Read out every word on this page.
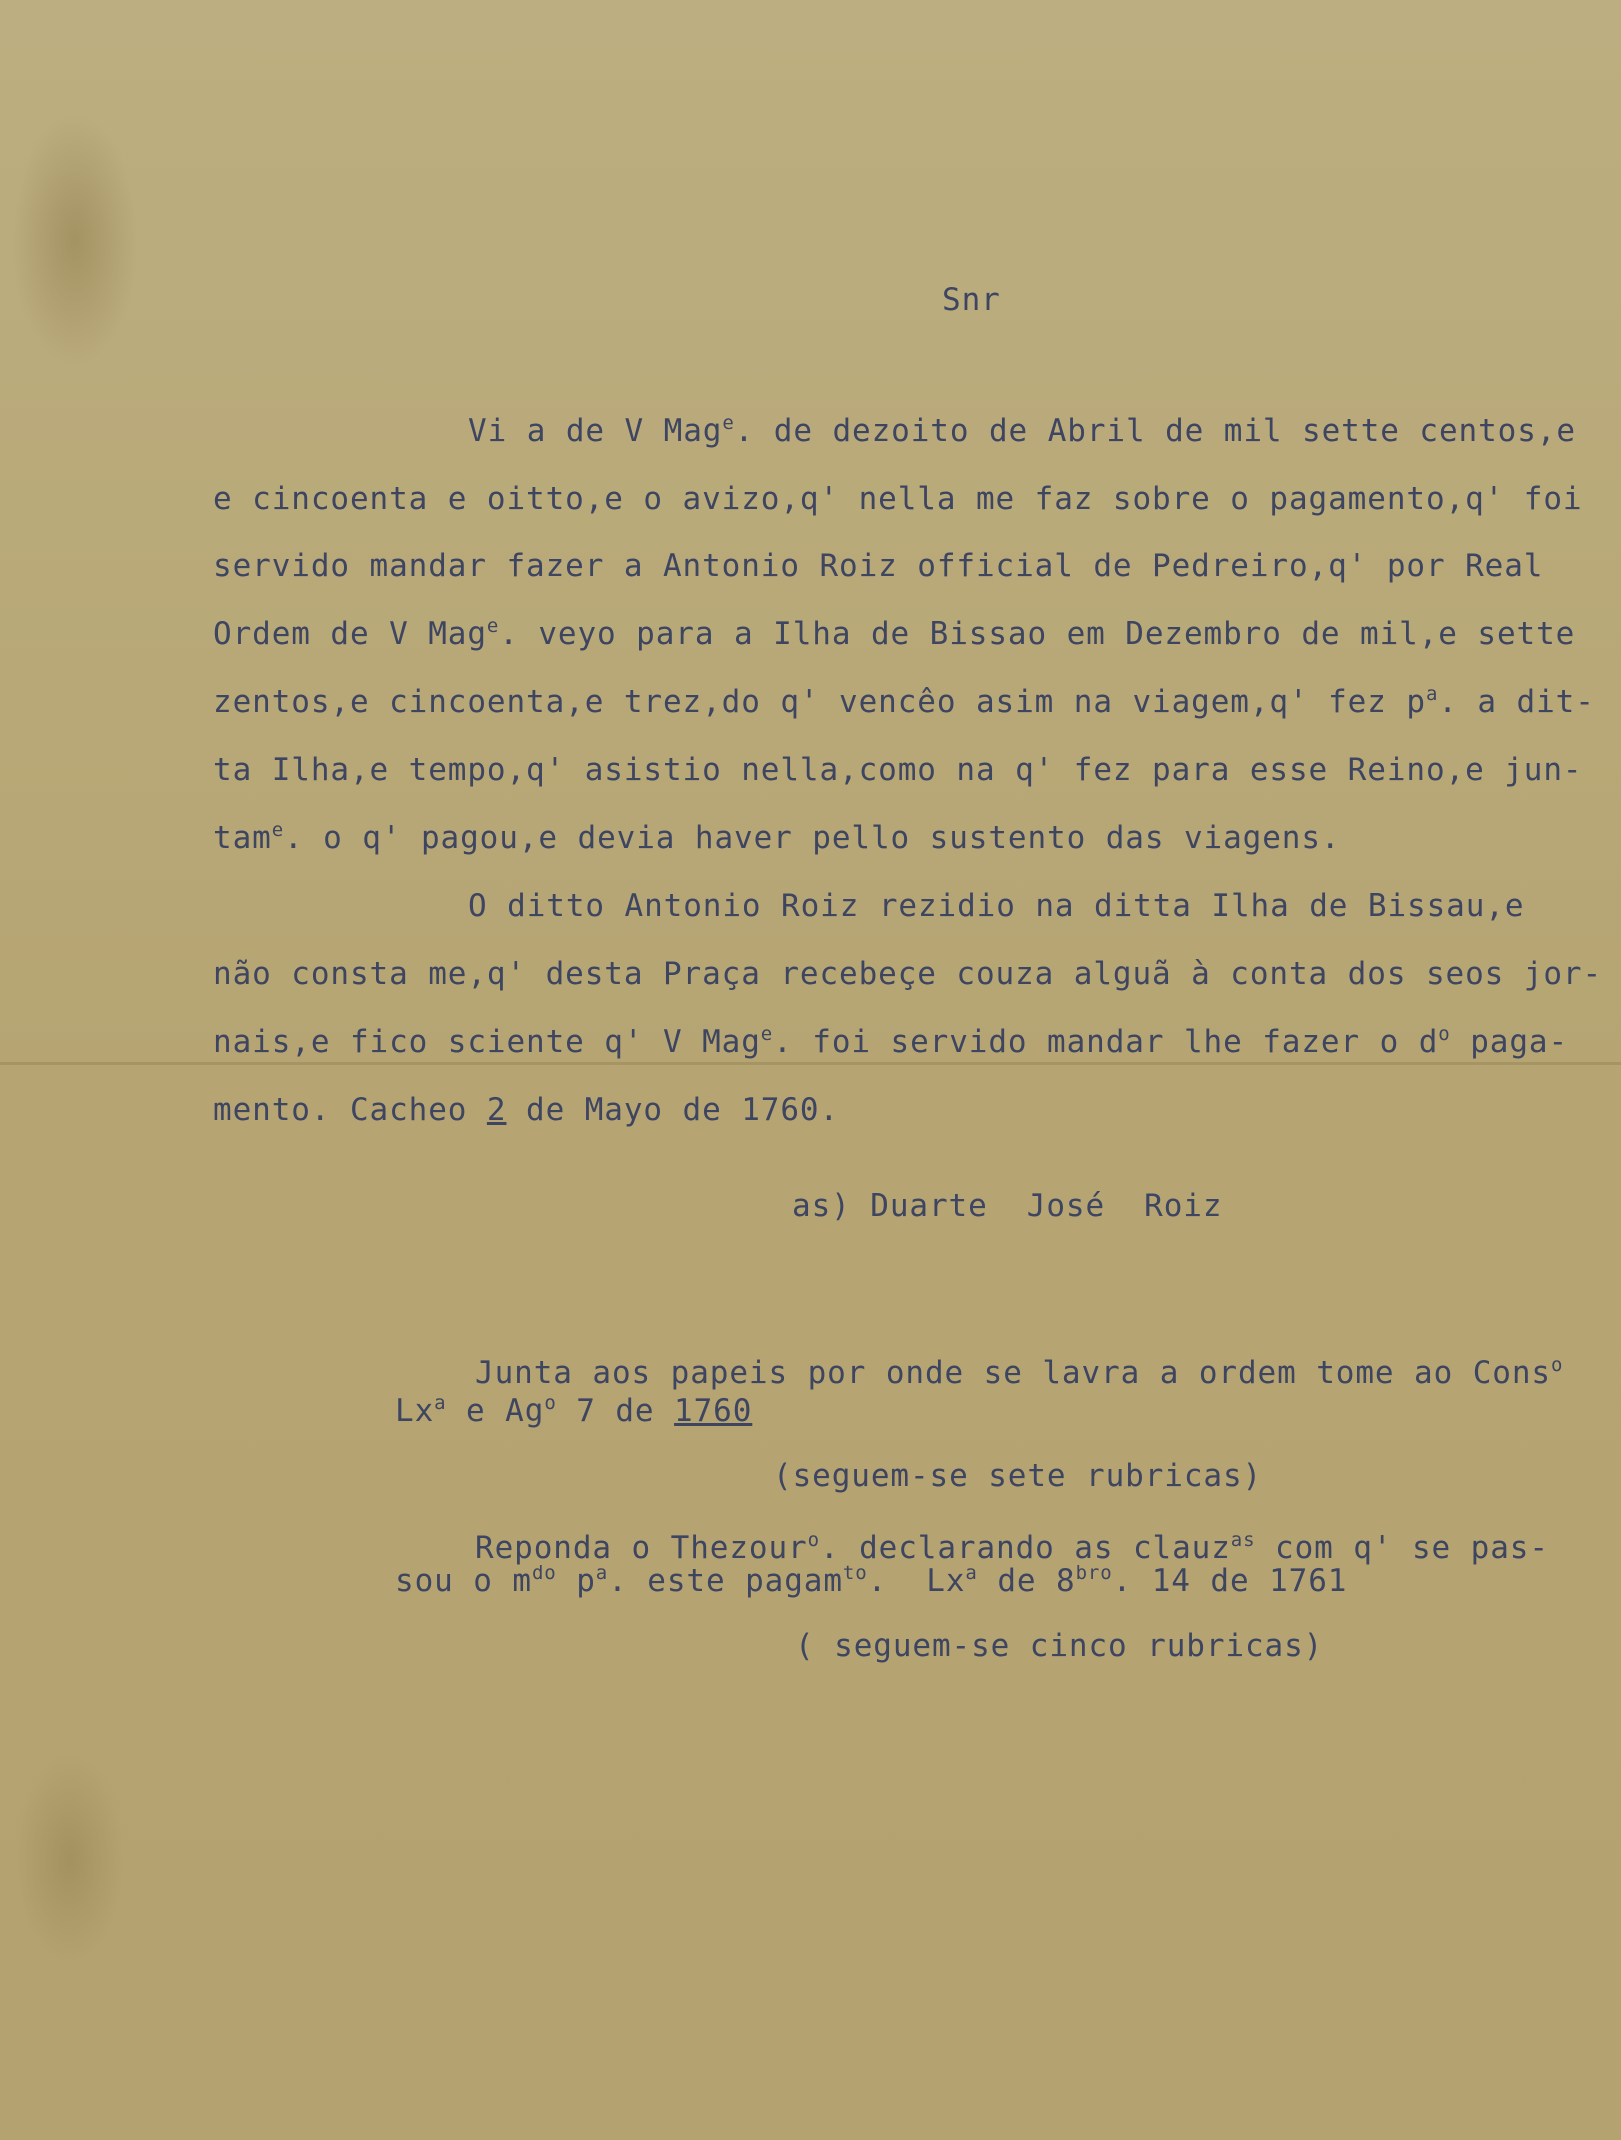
Snr
Vi a de V Mag$^e$. de dezoito de Abril de mil sette centos,e
e cincoenta e oitto,e o avizo,q' nella me faz sobre o pagamento,q' foi
servido mandar fazer a Antonio Roiz official de Pedreiro,q' por Real
Ordem de V Mag$^e$. veyo para a Ilha de Bissao em Dezembro de mil,e sette
zentos,e cincoenta,e trez,do q' vencêo asim na viagem,q' fez $p^a$. a dit-
ta Ilha,e tempo,q' asistio nella,como na q' fez para esse Reino,e jun-
tam$^e$. o q' pagou,e devia haver pello sustento das viagens.
O ditto Antonio Roiz rezidio na ditta Ilha de Bissau,e
não consta me,q' desta Praça recebeçe couza alguã à conta dos seos jor-
nais,e fico sciente q' V Mag$^e$. foi servido mandar lhe fazer o $d^o$ paga-
mento. Cacheo 2 de Mayo de 1760.
as) Duarte  José  Roiz
Junta aos papeis por onde se lavra a ordem tome ao Cons$^o$
Lx$^a$ e Ag$^o$ 7 de 1760
(seguem-se sete rubricas)
Reponda o Thezour$^o$. declarando as clauz$^{as}$ com q' se pas-
sou o $m^{do}$ $p^a$. este pagam$^{to}$.  Lx$^a$ de $8^{bro}$. 14 de 1761
( seguem-se cinco rubricas)
